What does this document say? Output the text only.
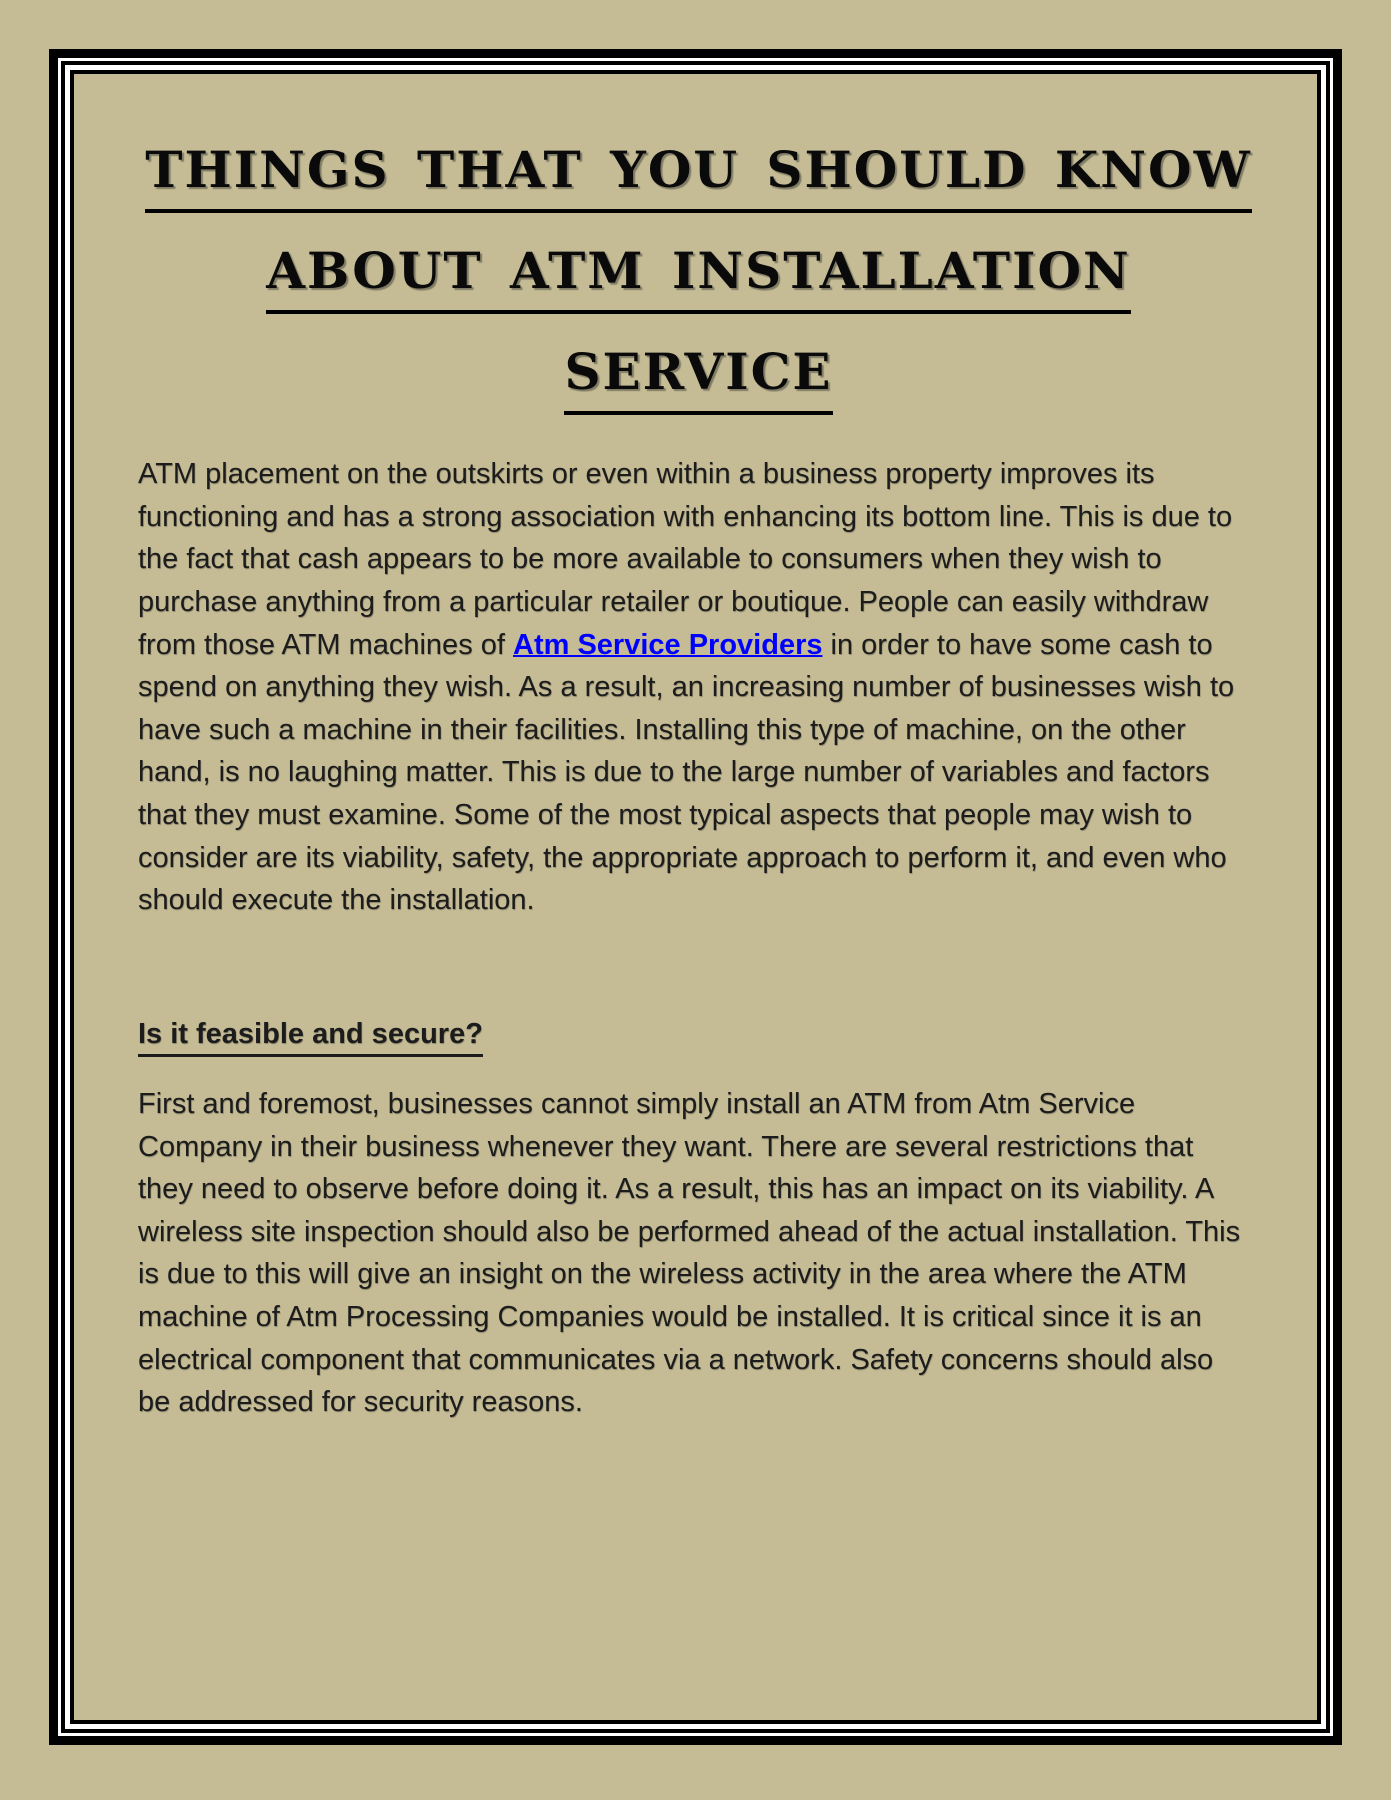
THINGS THAT YOU SHOULD KNOW
ABOUT ATM INSTALLATION
SERVICE

ATM placement on the outskirts or even within a business property improves its functioning and has a strong association with enhancing its bottom line. This is due to the fact that cash appears to be more available to consumers when they wish to purchase anything from a particular retailer or boutique. People can easily withdraw from those ATM machines of Atm Service Providers in order to have some cash to spend on anything they wish. As a result, an increasing number of businesses wish to have such a machine in their facilities. Installing this type of machine, on the other hand, is no laughing matter. This is due to the large number of variables and factors that they must examine. Some of the most typical aspects that people may wish to consider are its viability, safety, the appropriate approach to perform it, and even who should execute the installation.

Is it feasible and secure?

First and foremost, businesses cannot simply install an ATM from Atm Service Company in their business whenever they want. There are several restrictions that they need to observe before doing it. As a result, this has an impact on its viability. A wireless site inspection should also be performed ahead of the actual installation. This is due to this will give an insight on the wireless activity in the area where the ATM machine of Atm Processing Companies would be installed. It is critical since it is an electrical component that communicates via a network. Safety concerns should also be addressed for security reasons.
